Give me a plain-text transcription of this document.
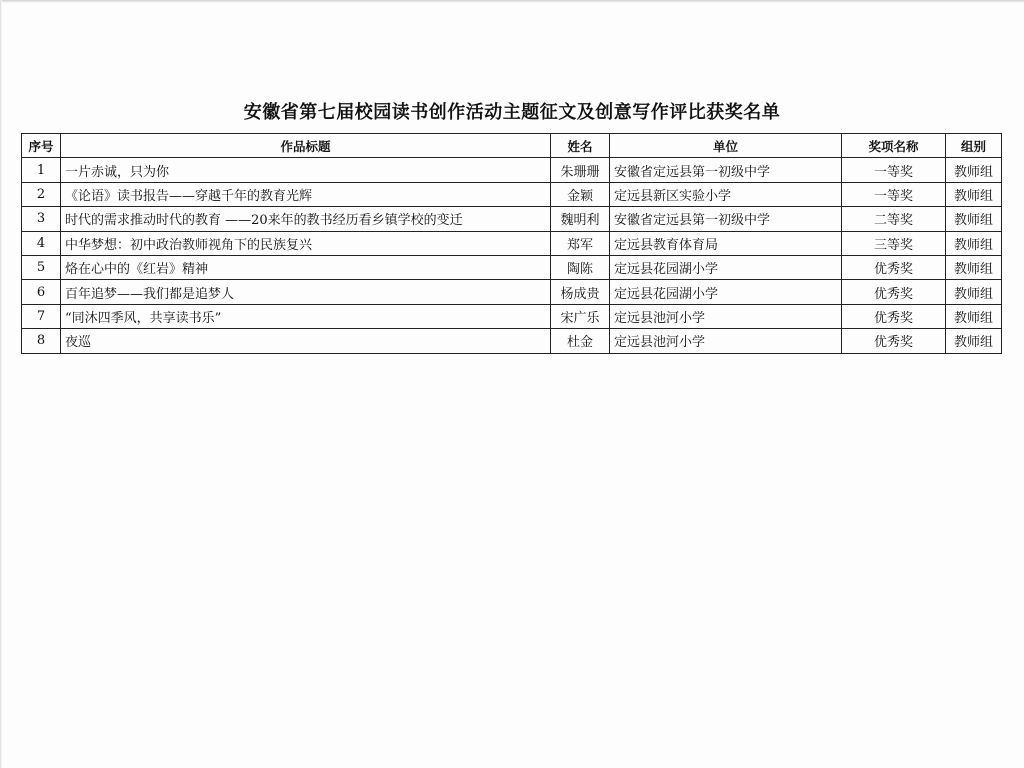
安徽省第七届校园读书创作活动主题征文及创意写作评比获奖名单
序号	作品标题	姓名	单位	奖项名称	组别
1	一片赤诚，只为你	朱珊珊	安徽省定远县第一初级中学	一等奖	教师组
2	《论语》读书报告——穿越千年的教育光辉	金颖	定远县新区实验小学	一等奖	教师组
3	时代的需求推动时代的教育 ——20来年的教书经历看乡镇学校的变迁	魏明利	安徽省定远县第一初级中学	二等奖	教师组
4	中华梦想：初中政治教师视角下的民族复兴	郑军	定远县教育体育局	三等奖	教师组
5	烙在心中的《红岩》精神	陶陈	定远县花园湖小学	优秀奖	教师组
6	百年追梦——我们都是追梦人	杨成贵	定远县花园湖小学	优秀奖	教师组
7	“同沐四季风，共享读书乐”	宋广乐	定远县池河小学	优秀奖	教师组
8	夜巡	杜金	定远县池河小学	优秀奖	教师组
